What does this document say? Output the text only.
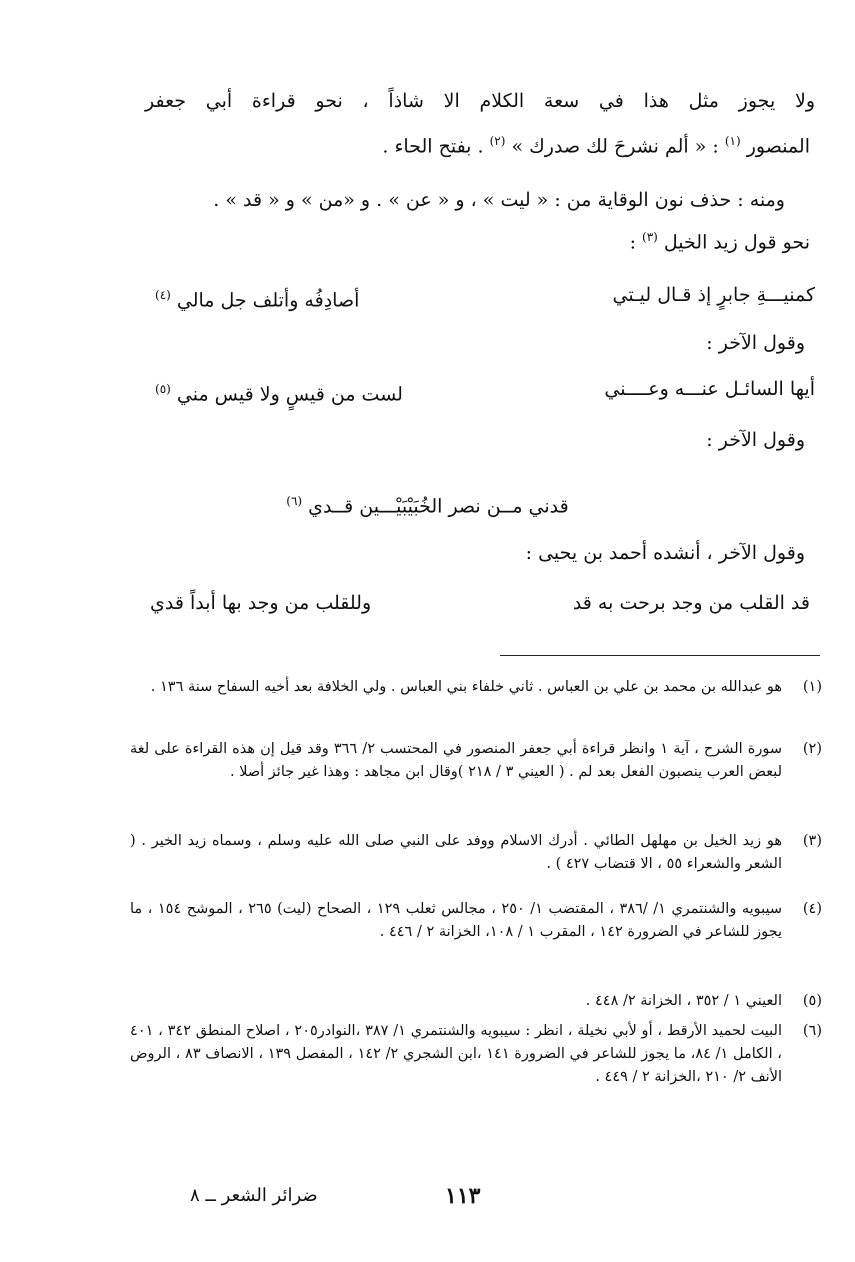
ولا يجوز مثل هذا في سعة الكلام الا شاذاً ، نحو قراءة أبي جعفر
المنصور $^{(١)}$ : « ألم نشرحَ لك صدرك » $^{(٢)}$ . بفتح الحاء .
ومنه : حذف نون الوقاية من : « ليت » ، و « عن » . و «من » و « قد » .
نحو قول زيد الخيل $^{(٣)}$ :
كمنيـــةِ جابرٍ إذ قـال ليـتي
أصادِفُه وأتلف جل مالي $^{(٤)}$
وقول الآخر :
أيها السائـل عنـــه وعــــني
لست من قيسٍ ولا قيس مني $^{(٥)}$
وقول الآخر :
قدني مــن نصر الخُبَيْبَيْـــين قــدي $^{(٦)}$
وقول الآخر ، أنشده أحمد بن يحيى :
قد القلب من وجد برحت به قد
وللقلب من وجد بها أبداً قدي
(١)
هو عبدالله بن محمد بن علي بن العباس . ثاني خلفاء بني العباس . ولي الخلافة بعد أخيه السفاح سنة ١٣٦ .
(٢)
سورة الشرح ، آية ١ وانظر قراءة أبي جعفر المنصور في المحتسب ٢/ ٣٦٦ وقد قيل إن هذه القراءة على لغة لبعض العرب ينصبون الفعل بعد لم . ( العيني ٣ / ٢١٨ )وقال ابن مجاهد : وهذا غير جائز أصلا .
(٣)
هو زيد الخيل بن مهلهل الطائي . أدرك الاسلام ووفد على النبي صلى الله عليه وسلم ، وسماه زيد الخير . ( الشعر والشعراء ٥٥ ، الا قتضاب ٤٢٧ ) .
(٤)
سيبويه والشنتمري ١/ /٣٨٦ ، المقتضب ١/ ٢٥٠ ، مجالس ثعلب ١٢٩ ، الصحاح (ليت) ٢٦٥ ، الموشح ١٥٤ ، ما يجوز للشاعر في الضرورة ١٤٢ ، المقرب ١ / ١٠٨، الخزانة ٢ / ٤٤٦ .
(٥)
العيني ١ / ٣٥٢ ، الخزانة ٢/ ٤٤٨ .
(٦)
البيت لحميد الأرقط ، أو لأبي نخيلة ، انظر : سيبويه والشنتمري ١/ ٣٨٧ ،النوادر٢٠٥ ، اصلاح المنطق ٣٤٢ ، ٤٠١ ، الكامل ١/ ٨٤، ما يجوز للشاعر في الضرورة ١٤١ ،ابن الشجري ٢/ ١٤٢ ، المفصل ١٣٩ ، الانصاف ٨٣ ، الروض الأنف ٢/ ٢١٠ ،الخزانة ٢ / ٤٤٩ .
١١٣
ضرائر الشعر ــ ٨
